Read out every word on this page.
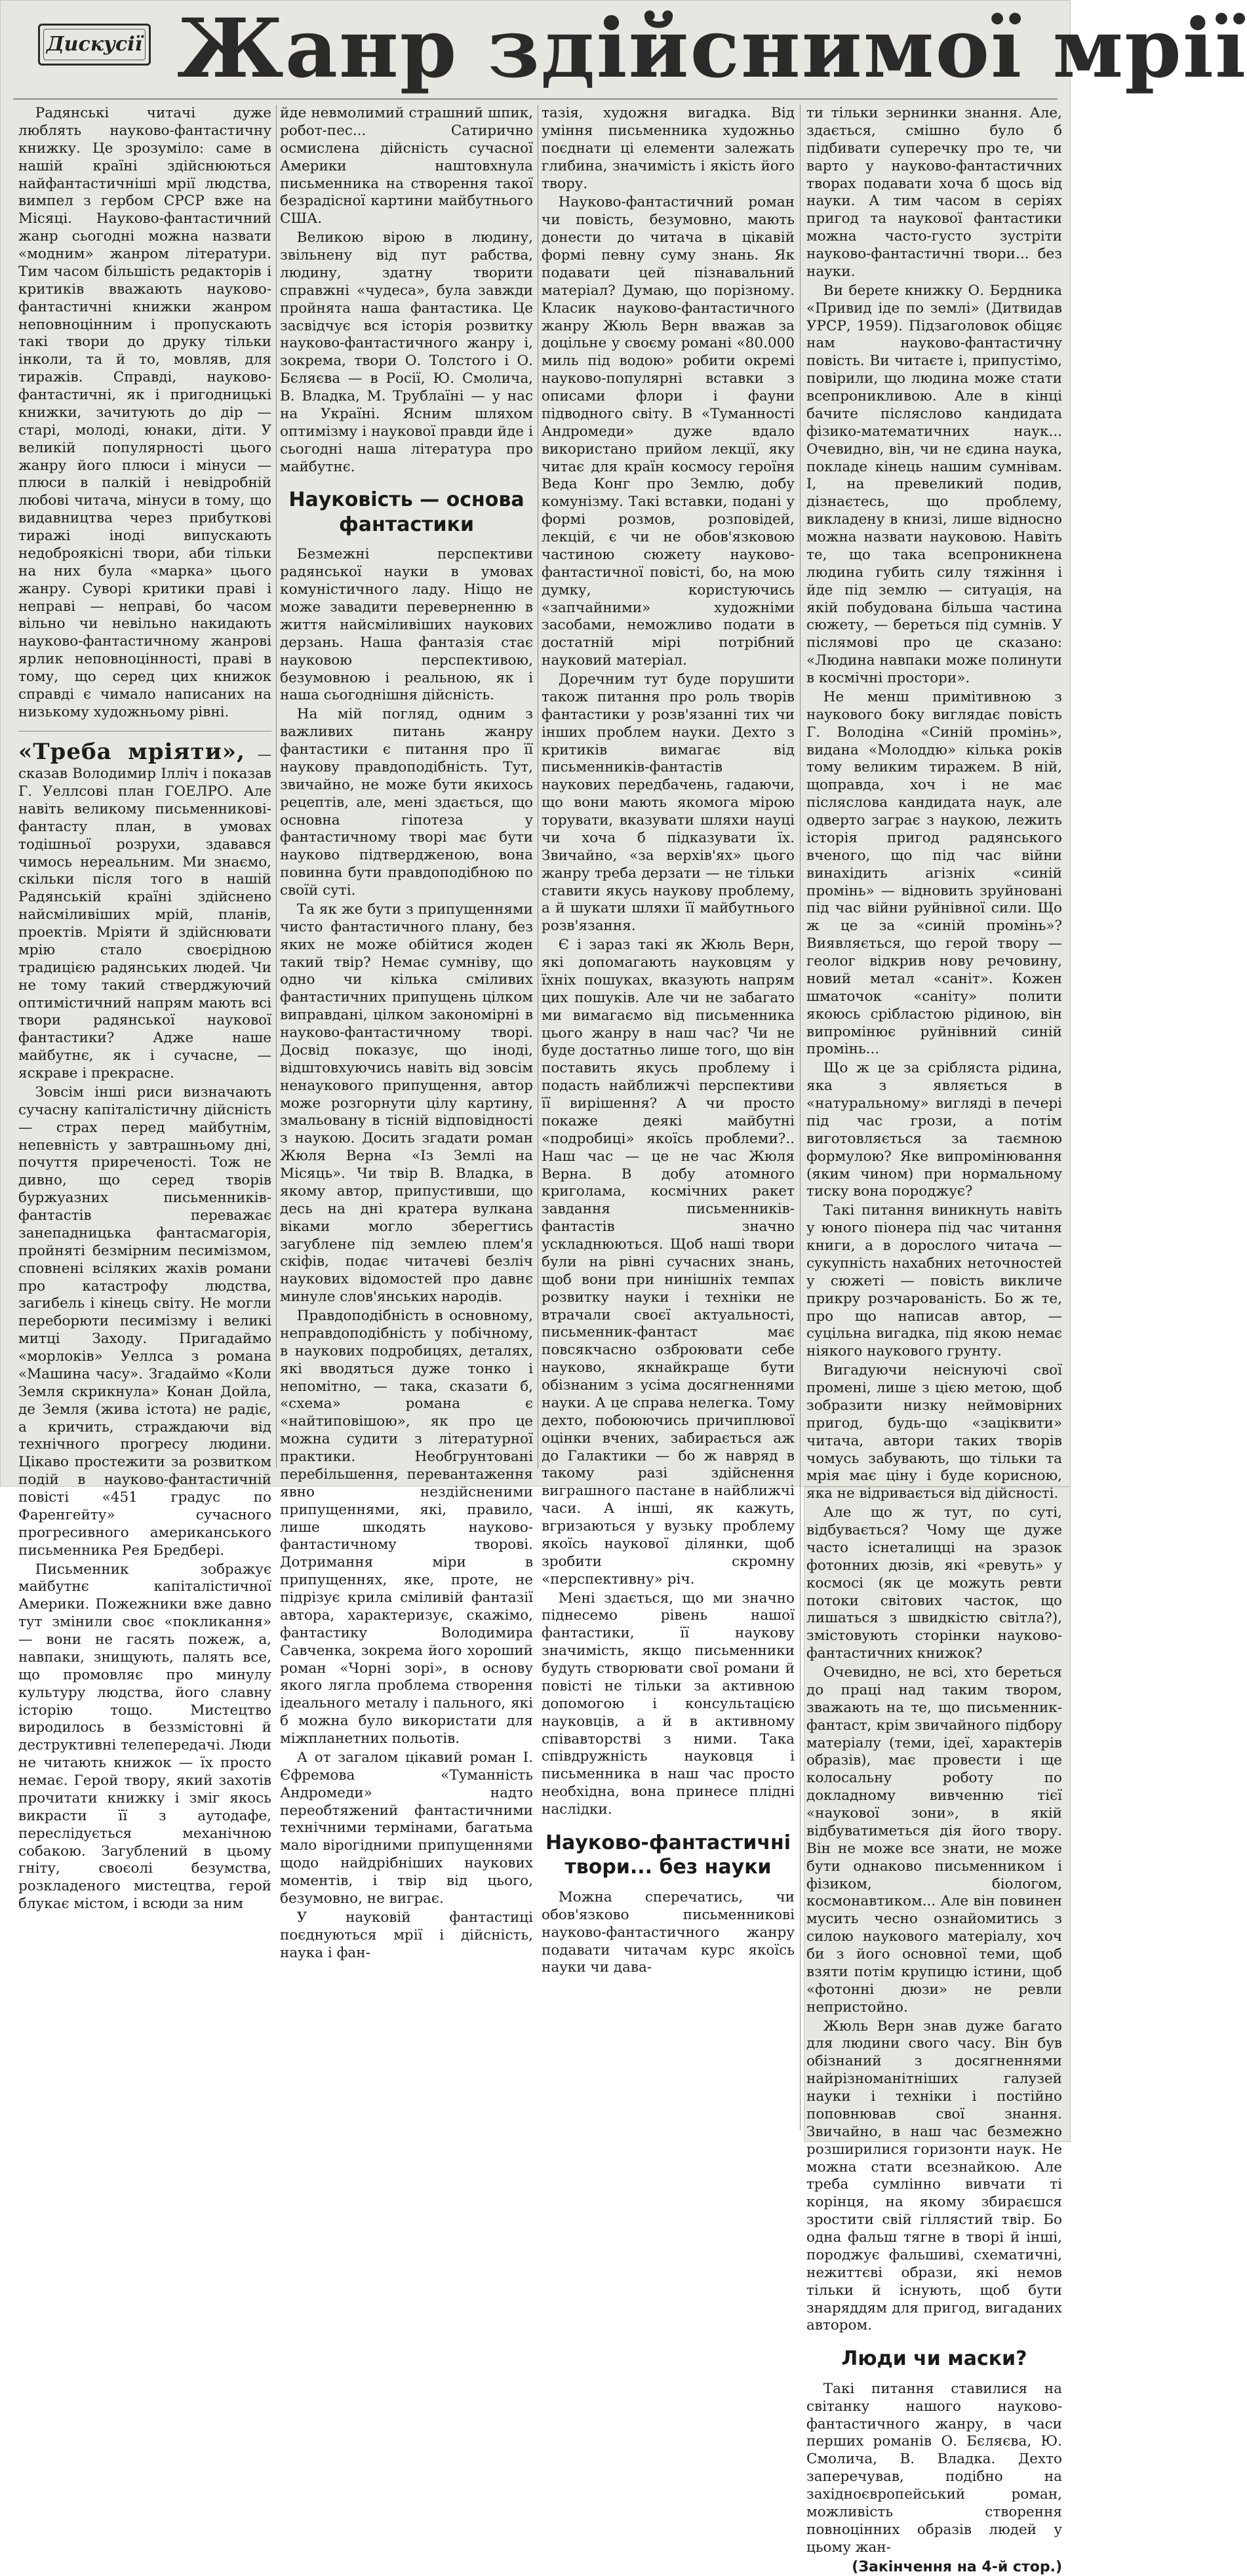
Дискусії Жанр здійснимої мрії

Радянські читачі дуже люблять науково-фантастичну книжку. Це зрозуміло: саме в нашій країні здійснюються найфантастичніші мрії людства, вимпел з гербом СРСР вже на Місяці. Науково-фантастичний жанр сьогодні можна назвати «модним» жанром літератури. Тим часом більшість редакторів і критиків вважають науково-фантастичні книжки жанром неповноцінним і пропускають такі твори до друку тільки інколи, та й то, мовляв, для тиражів. Справді, науково-фантастичні, як і пригодницькі книжки, зачитують до дір — старі, молоді, юнаки, діти. У великій популярності цього жанру його плюси і мінуси — плюси в палкій і невідробній любові читача, мінуси в тому, що видавництва через прибуткові тиражі іноді випускають недоброякісні твори, аби тільки на них була «марка» цього жанру. Суворі критики праві і неправі — неправі, бо часом вільно чи невільно накидають науково-фантастичному жанрові ярлик неповноцінності, праві в тому, що серед цих книжок справді є чимало написаних на низькому художньому рівні.

«Треба мріяти», — сказав Володимир Ілліч і показав Г. Уеллсові план ГОЕЛРО. Але навіть великому письменникові-фантасту план, в умовах тодішньої розрухи, здавався чимось нереальним. Ми знаємо, скільки після того в нашій Радянській країні здійснено найсміливіших мрій, планів, проектів. Мріяти й здійснювати мрію стало своєрідною традицією радянських людей. Чи не тому такий стверджуючий оптимістичний напрям мають всі твори радянської наукової фантастики? Адже наше майбутнє, як і сучасне, — яскраве і прекрасне.

Зовсім інші риси визначають сучасну капіталістичну дійсність — страх перед майбутнім, непевність у завтрашньому дні, почуття приреченості. Тож не дивно, що серед творів буржуазних письменників-фантастів переважає занепадницька фантасмагорія, пройняті безмірним песимізмом, сповнені всіляких жахів романи про катастрофу людства, загибель і кінець світу. Не могли переборюти песимізму і великі митці Заходу. Пригадаймо «морлоків» Уеллса з романа «Машина часу». Згадаймо «Коли Земля скрикнула» Конан Дойла, де Земля (жива істота) не радіє, а кричить, страждаючи від технічного прогресу людини. Цікаво простежити за розвитком подій в науково-фантастичній повісті «451 градус по Фаренгейту» сучасного прогресивного американського письменника Рея Бредбері.

Письменник зображує майбутнє капіталістичної Америки. Пожежники вже давно тут змінили своє «покликання» — вони не гасять пожеж, а, навпаки, знищують, палять все, що промовляє про минулу культуру людства, його славну історію тощо. Мистецтво виродилось в беззмістовні й деструктивні телепередачі. Люди не читають книжок — їх просто немає. Герой твору, який захотів прочитати книжку і зміг якось викрасти її з аутодафе, переслідується механічною собакою. Загублений в цьому гніту, своєолі безумства, розкладеного мистецтва, герой блукає містом, і всюди за ним

йде невмолимий страшний шпик, робот-пес... Сатирично осмислена дійсність сучасної Америки наштовхнула письменника на створення такої безрадісної картини майбутнього США.

Великою вірою в людину, звільнену від пут рабства, людину, здатну творити справжні «чудеса», була завжди пройнята наша фантастика. Це засвідчує вся історія розвитку науково-фантастичного жанру і, зокрема, твори О. Толстого і О. Бєляєва — в Росії, Ю. Смолича, В. Владка, М. Трублаїні — у нас на Україні. Ясним шляхом оптимізму і наукової правди йде і сьогодні наша література про майбутнє.

Науковість — основа фантастики

Безмежні перспективи радянської науки в умовах комуністичного ладу. Ніщо не може завадити переверненню в життя найсміливіших наукових дерзань. Наша фантазія стає науковою перспективою, безумовною і реальною, як і наша сьогоднішня дійсність.

На мій погляд, одним з важливих питань жанру фантастики є питання про її наукову правдоподібність. Тут, звичайно, не може бути якихось рецептів, але, мені здається, що основна гіпотеза у фантастичному творі має бути науково підтвердженою, вона повинна бути правдоподібною по своїй суті.

Та як же бути з припущеннями чисто фантастичного плану, без яких не може обійтися жоден такий твір? Немає сумніву, що одно чи кілька сміливих фантастичних припущень цілком виправдані, цілком закономірні в науково-фантастичному творі. Досвід показує, що іноді, відштовхуючись навіть від зовсім ненаукового припущення, автор може розгорнути цілу картину, змальовану в тісній відповідності з наукою. Досить згадати роман Жюля Верна «Із Землі на Місяць». Чи твір В. Владка, в якому автор, припустивши, що десь на дні кратера вулкана віками могло зберегтись загублене під землею плем'я скіфів, подає читачеві безліч наукових відомостей про давнє минуле слов'янських народів.

Правдоподібність в основному, неправдоподібність у побічному, в наукових подробицях, деталях, які вводяться дуже тонко і непомітно, — така, сказати б, «схема» романа є «найтиповішою», як про це можна судити з літературної практики. Необгрунтовані перебільшення, перевантаження явно нездійсненими припущеннями, які, правило, лише шкодять науково-фантастичному творові. Дотримання міри в припущеннях, яке, проте, не підрізує крила сміливій фантазії автора, характеризує, скажімо, фантастику Володимира Савченка, зокрема його хороший роман «Чорні зорі», в основу якого лягла проблема створення ідеального металу і пального, які б можна було використати для міжпланетних польотів.

А от загалом цікавий роман І. Єфремова «Туманність Андромеди» надто переобтяжений фантастичними технічними термінами, багатьма мало вірогідними припущеннями щодо найдрібніших наукових моментів, і твір від цього, безумовно, не виграє.

У науковій фантастиці поєднуються мрії і дійсність, наука і фан-

тазія, художня вигадка. Від уміння письменника художньо поєднати ці елементи залежать глибина, значимість і якість його твору.

Науково-фантастичний роман чи повість, безумовно, мають донести до читача в цікавій формі певну суму знань. Як подавати цей пізнавальний матеріал? Думаю, що порізному. Класик науково-фантастичного жанру Жюль Верн вважав за доцільне у своєму романі «80.000 миль під водою» робити окремі науково-популярні вставки з описами флори і фауни підводного світу. В «Туманності Андромеди» дуже вдало використано прийом лекції, яку читає для країн космосу героїня Веда Конг про Землю, добу комунізму. Такі вставки, подані у формі розмов, розповідей, лекцій, є чи не обов'язковою частиною сюжету науково-фантастичної повісті, бо, на мою думку, користуючись «запчайними» художніми засобами, неможливо подати в достатній мірі потрібний науковий матеріал.

Доречним тут буде порушити також питання про роль творів фантастики у розв'язанні тих чи інших проблем науки. Дехто з критиків вимагає від письменників-фантастів наукових передбачень, гадаючи, що вони мають якомога мірою торувати, вказувати шляхи науці чи хоча б підказувати їх. Звичайно, «за верхів'ях» цього жанру треба дерзати — не тільки ставити якусь наукову проблему, а й шукати шляхи її майбутнього розв'язання.

Є і зараз такі як Жюль Верн, які допомагають науковцям у їхніх пошуках, вказують напрям цих пошуків. Але чи не забагато ми вимагаємо від письменника цього жанру в наш час? Чи не буде достатньо лише того, що він поставить якусь проблему і подасть найближчі перспективи її вирішення? А чи просто покаже деякі майбутні «подробиці» якоїсь проблеми?.. Наш час — це не час Жюля Верна. В добу атомного криголама, космічних ракет завдання письменників-фантастів значно ускладнюються. Щоб наші твори були на рівні сучасних знань, щоб вони при нинішніх темпах розвитку науки і техніки не втрачали своєї актуальності, письменник-фантаст має повсякчасно озброювати себе науково, якнайкраще бути обізнаним з усіма досягненнями науки. А це справа нелегка. Тому дехто, побоюючись причиплювої оцінки вчених, забирається аж до Галактики — бо ж навряд в такому разі здійснення виграшного пастане в найближчі часи. А інші, як кажуть, вгризаються у вузьку проблему якоїсь наукової ділянки, щоб зробити скромну «перспективну» річ.

Мені здається, що ми значно піднесемо рівень нашої фантастики, її наукову значимість, якщо письменники будуть створювати свої романи й повісті не тільки за активною допомогою і консультацією науковців, а й в активному співавторстві з ними. Така співдружність науковця і письменника в наш час просто необхідна, вона принесе плідні наслідки.

Науково-фантастичні твори... без науки

Можна сперечатись, чи обов'язково письменникові науково-фантастичного жанру подавати читачам курс якоїсь науки чи дава-

ти тільки зернинки знання. Але, здається, смішно було б підбивати суперечку про те, чи варто у науково-фантастичних творах подавати хоча б щось від науки. А тим часом в серіях пригод та наукової фантастики можна часто-густо зустріти науково-фантастичні твори... без науки.

Ви берете книжку О. Бердника «Привид іде по землі» (Дитвидав УРСР, 1959). Підзаголовок обіцяє нам науково-фантастичну повість. Ви читаєте і, припустімо, повірили, що людина може стати всепроникливою. Але в кінці бачите післяслово кандидата фізико-математичних наук... Очевидно, він, чи не єдина наука, покладе кінець нашим сумнівам. І, на превеликий подив, дізнаєтесь, що проблему, викладену в книзі, лише відносно можна назвати науковою. Навіть те, що така всепроникнена людина губить силу тяжіння і йде під землю — ситуація, на якій побудована більша частина сюжету, — береться під сумнів. У післямові про це сказано: «Людина навпаки може полинути в космічні простори».

Не менш примітивною з наукового боку виглядає повість Г. Володіна «Синій промінь», видана «Молоддю» кілька років тому великим тиражем. В ній, щоправда, хоч і не має післяслова кандидата наук, але одверто заграє з наукою, лежить історія пригод радянського вченого, що під час війни винахідить агізніх «синій промінь» — відновить зруйновані під час війни руйнівної сили. Що ж це за «синій промінь»? Виявляється, що герой твору — геолог відкрив нову речовину, новий метал «саніт». Кожен шматочок «саніту» полити якоюсь срібластою рідиною, він випромінює руйнівний синій промінь...

Що ж це за срібляста рідина, яка з являється в «натуральному» вигляді в печері під час грози, а потім виготовляється за таємною формулою? Яке випромінювання (яким чином) при нормальному тиску вона породжує?

Такі питання виникнуть навіть у юного піонера під час читання книги, а в дорослого читача — сукупність нахабних неточностей у сюжеті — повість викличе прикру розчарованість. Бо ж те, про що написав автор, — суцільна вигадка, під якою немає ніякого наукового грунту.

Вигадуючи неіснуючі свої промені, лише з цією метою, щоб зобразити низку неймовірних пригод, будь-що «заціквити» читача, автори таких творів чомусь забувають, що тільки та мрія має ціну і буде корисною, яка не відривається від дійсності.

Але що ж тут, по суті, відбувається? Чому ще дуже часто існеталицці на зразок фотонних дюзів, які «ревуть» у космосі (як це можуть ревти потоки світових часток, що лишаться з швидкістю світла?), змістовують сторінки науково-фантастичних книжок?

Очевидно, не всі, хто береться до праці над таким твором, зважають на те, що письменник-фантаст, крім звичайного підбору матеріалу (теми, ідеї, характерів образів), має провести і ще колосальну роботу по докладному вивченню тієї «наукової зони», в якій відбуватиметься дія його твору. Він не може все знати, не може бути однаково письменником і фізиком, біологом, космонавтиком... Але він повинен мусить чесно ознайомитись з силою наукового матеріалу, хоч би з його основної теми, щоб взяти потім крупицю істини, щоб «фотонні дюзи» не ревли непристойно.

Жюль Верн знав дуже багато для людини свого часу. Він був обізнаний з досягненнями найрізноманітніших галузей науки і техніки і постійно поповнював свої знання. Звичайно, в наш час безмежно розширилися горизонти наук. Не можна стати всезнайкою. Але треба сумлінно вивчати ті корінця, на якому збираєшся зростити свій гіллястий твір. Бо одна фальш тягне в творі й інші, породжує фальшиві, схематичні, нежиттєві образи, які немов тільки й існують, щоб бути знаряддям для пригод, вигаданих автором.

Люди чи маски?

Такі питання ставилися на світанку нашого науково-фантастичного жанру, в часи перших романів О. Бєляєва, Ю. Смолича, В. Владка. Дехто заперечував, подібно на західноєвропейський роман, можливість створення повноцінних образів людей у цьому жан-

(Закінчення на 4-й стор.)
